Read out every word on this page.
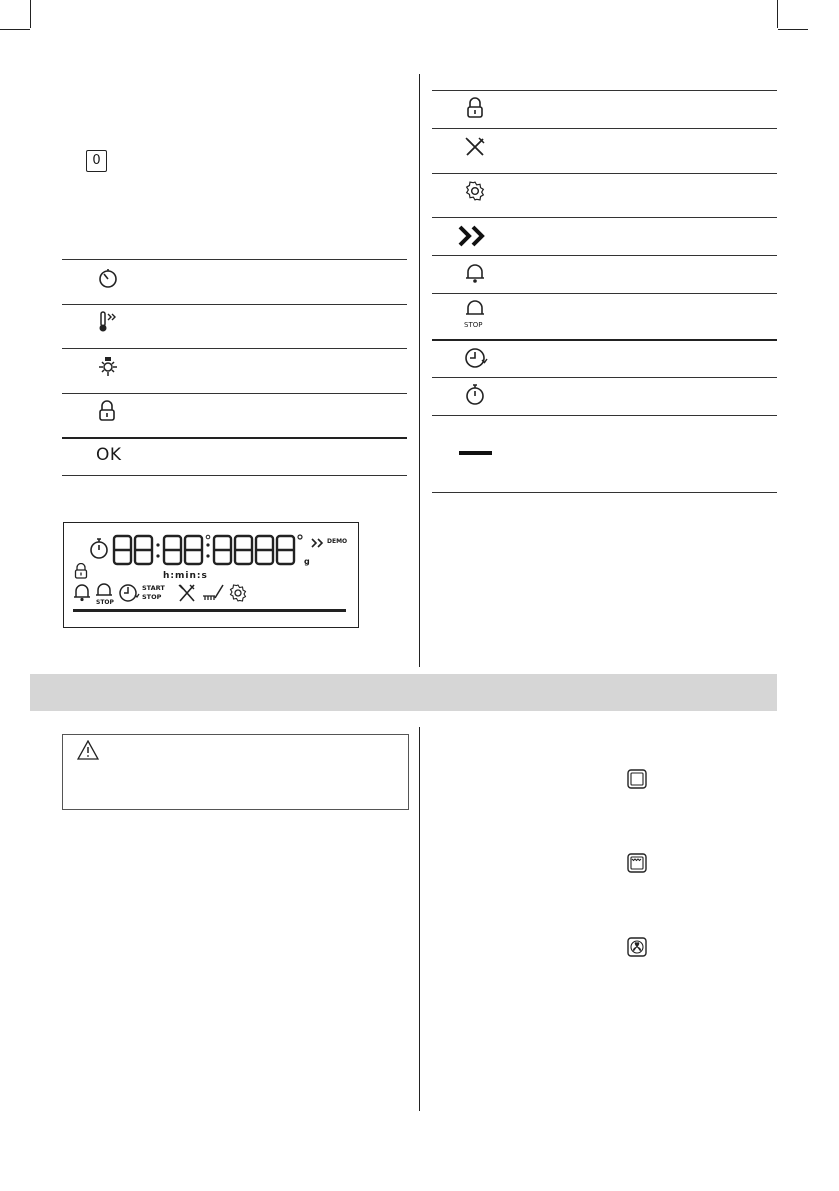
0
OK
g
DEMO
h:min:s
STOP
START
STOP
STOP
